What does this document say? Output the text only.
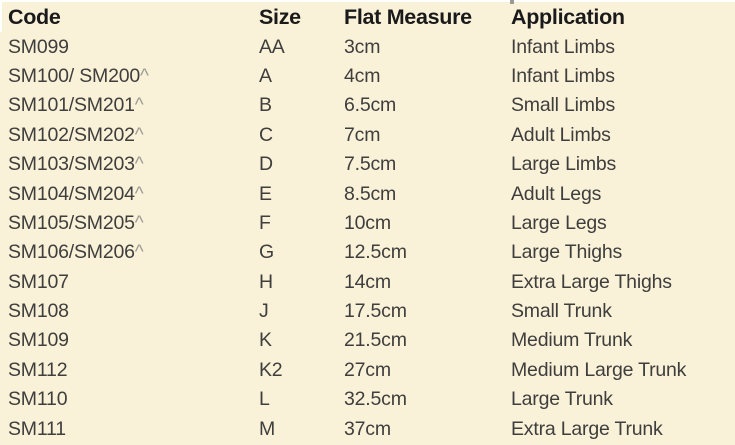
Code	Size	Flat Measure	Application
SM099	AA	3cm	Infant Limbs
SM100/ SM200^	A	4cm	Infant Limbs
SM101/SM201^	B	6.5cm	Small Limbs
SM102/SM202^	C	7cm	Adult Limbs
SM103/SM203^	D	7.5cm	Large Limbs
SM104/SM204^	E	8.5cm	Adult Legs
SM105/SM205^	F	10cm	Large Legs
SM106/SM206^	G	12.5cm	Large Thighs
SM107	H	14cm	Extra Large Thighs
SM108	J	17.5cm	Small Trunk
SM109	K	21.5cm	Medium Trunk
SM112	K2	27cm	Medium Large Trunk
SM110	L	32.5cm	Large Trunk
SM111	M	37cm	Extra Large Trunk
